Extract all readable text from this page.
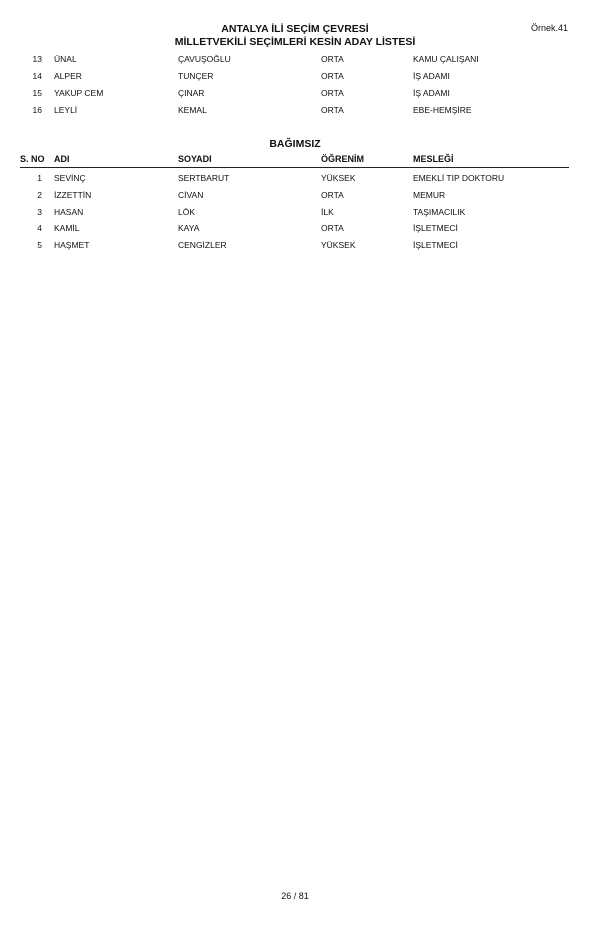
Örnek.41
ANTALYA İLİ SEÇİM ÇEVRESİ
MİLLETVEKİLİ SEÇİMLERİ KESİN ADAY LİSTESİ
13 ÜNAL	ÇAVUŞOĞLU	ORTA	KAMU ÇALIŞANI
14 ALPER	TUNÇER	ORTA	İŞ ADAMI
15 YAKUP CEM	ÇINAR	ORTA	İŞ ADAMI
16 LEYLİ	KEMAL	ORTA	EBE-HEMŞİRE
BAĞIMSIZ
S. NO ADI	SOYADI	ÖĞRENİM	MESLEĞİ
1 SEVİNÇ	SERTBARUT	YÜKSEK	EMEKLİ TIP DOKTORU
2 İZZETTİN	CİVAN	ORTA	MEMUR
3 HASAN	LÖK	İLK	TAŞIMACILIK
4 KAMİL	KAYA	ORTA	İŞLETMECİ
5 HAŞMET	CENGİZLER	YÜKSEK	İŞLETMECİ
26 / 81
